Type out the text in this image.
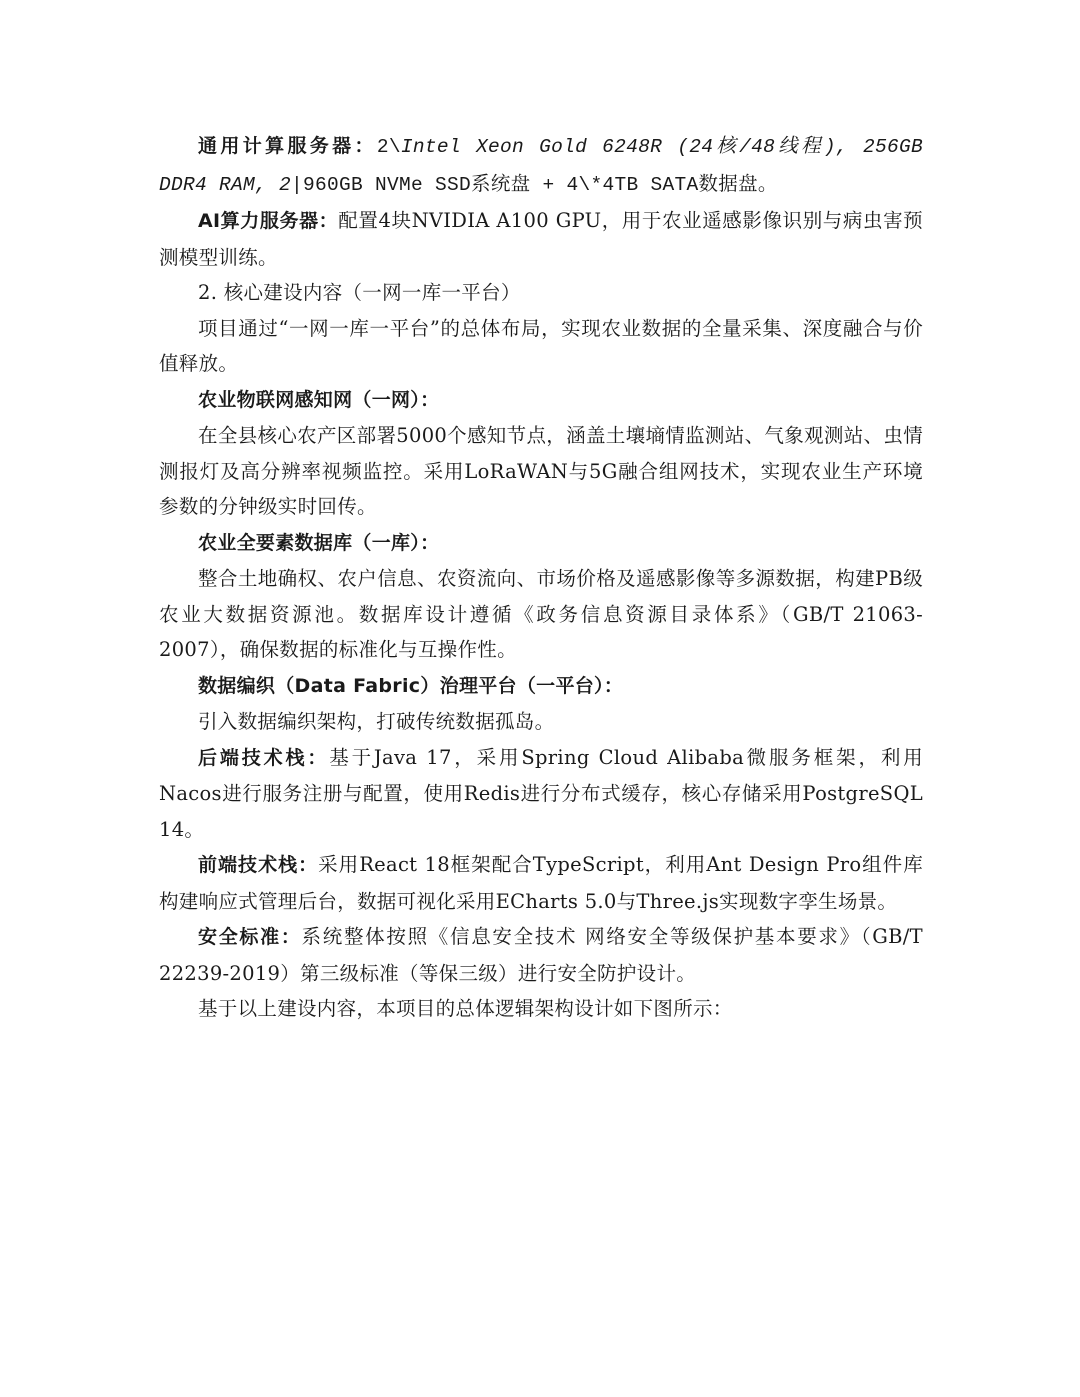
通用计算服务器：2\Intel Xeon Gold 6248R (24核/48线程), 256GB DDR4 RAM, 2|960GB NVMe SSD系统盘 + 4\*4TB SATA数据盘。

AI算力服务器：配置4块NVIDIA A100 GPU，用于农业遥感影像识别与病虫害预测模型训练。

2. 核心建设内容（一网一库一平台）

项目通过“一网一库一平台”的总体布局，实现农业数据的全量采集、深度融合与价值释放。

农业物联网感知网（一网）：

在全县核心农产区部署5000个感知节点，涵盖土壤墒情监测站、气象观测站、虫情测报灯及高分辨率视频监控。采用LoRaWAN与5G融合组网技术，实现农业生产环境参数的分钟级实时回传。

农业全要素数据库（一库）：

整合土地确权、农户信息、农资流向、市场价格及遥感影像等多源数据，构建PB级农业大数据资源池。数据库设计遵循《政务信息资源目录体系》（GB/T 21063-2007），确保数据的标准化与互操作性。

数据编织（Data Fabric）治理平台（一平台）：

引入数据编织架构，打破传统数据孤岛。

后端技术栈：基于Java 17，采用Spring Cloud Alibaba微服务框架，利用Nacos进行服务注册与配置，使用Redis进行分布式缓存，核心存储采用PostgreSQL 14。

前端技术栈：采用React 18框架配合TypeScript，利用Ant Design Pro组件库构建响应式管理后台，数据可视化采用ECharts 5.0与Three.js实现数字孪生场景。

安全标准：系统整体按照《信息安全技术 网络安全等级保护基本要求》（GB/T 22239-2019）第三级标准（等保三级）进行安全防护设计。

基于以上建设内容，本项目的总体逻辑架构设计如下图所示：
